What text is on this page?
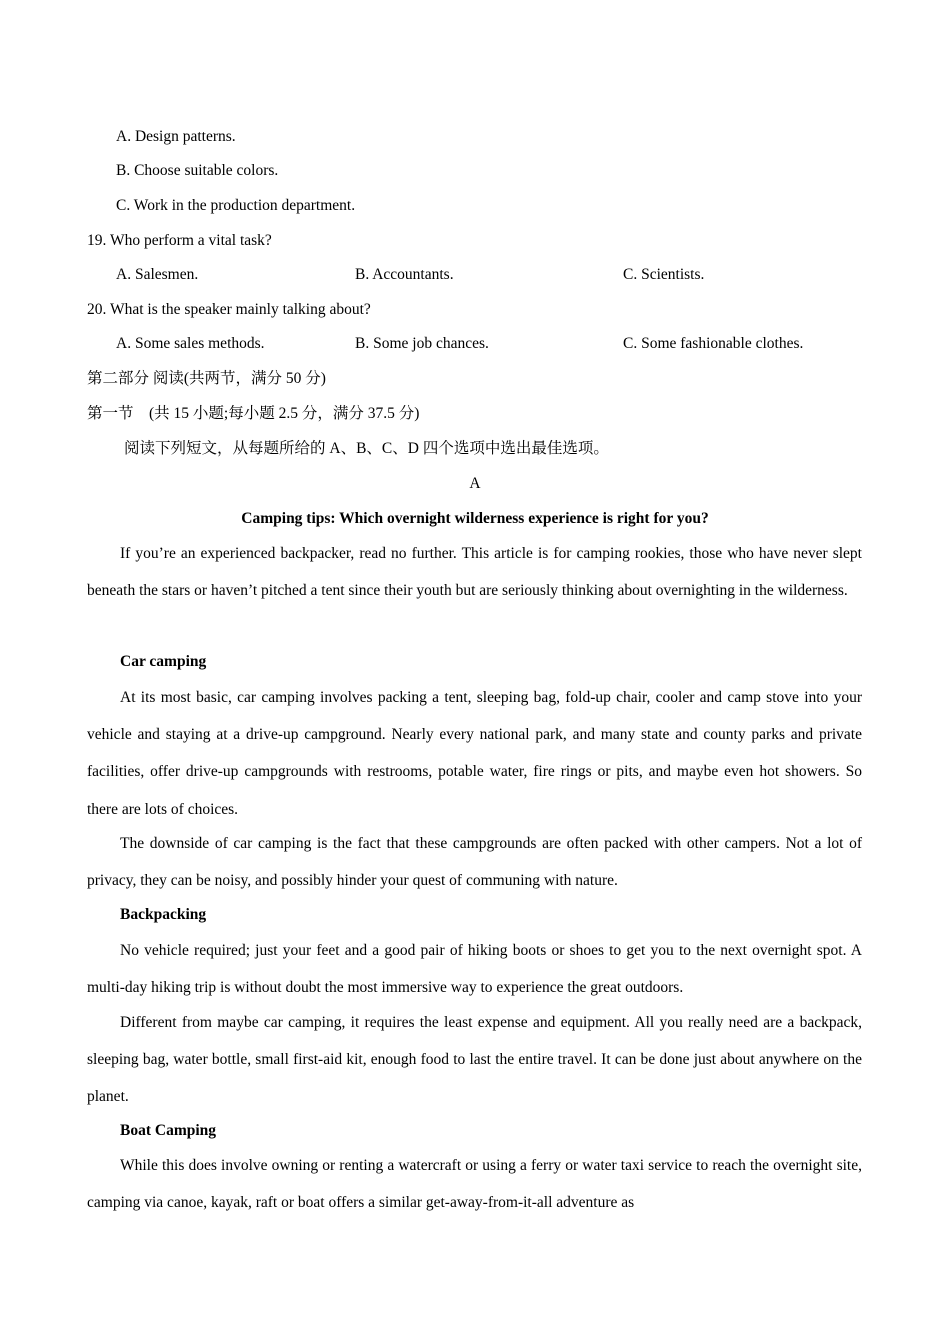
A. Design patterns.
B. Choose suitable colors.
C. Work in the production department.
19. Who perform a vital task?
A. Salesmen.	B. Accountants.	C. Scientists.
20. What is the speaker mainly talking about?
A. Some sales methods.	B. Some job chances.	C. Some fashionable clothes.
第二部分 阅读(共两节，满分 50 分)
第一节    (共 15 小题;每小题 2.5 分，满分 37.5 分)
阅读下列短文，从每题所给的 A、B、C、D 四个选项中选出最佳选项。
A
Camping tips: Which overnight wilderness experience is right for you?

If you’re an experienced backpacker, read no further. This article is for camping rookies, those who have never slept beneath the stars or haven’t pitched a tent since their youth but are seriously thinking about overnighting in the wilderness.

Car camping

At its most basic, car camping involves packing a tent, sleeping bag, fold-up chair, cooler and camp stove into your vehicle and staying at a drive-up campground. Nearly every national park, and many state and county parks and private facilities, offer drive-up campgrounds with restrooms, potable water, fire rings or pits, and maybe even hot showers. So there are lots of choices.

The downside of car camping is the fact that these campgrounds are often packed with other campers. Not a lot of privacy, they can be noisy, and possibly hinder your quest of communing with nature.

Backpacking

No vehicle required; just your feet and a good pair of hiking boots or shoes to get you to the next overnight spot. A multi-day hiking trip is without doubt the most immersive way to experience the great outdoors.

Different from maybe car camping, it requires the least expense and equipment. All you really need are a backpack, sleeping bag, water bottle, small first-aid kit, enough food to last the entire travel. It can be done just about anywhere on the planet.

Boat Camping

While this does involve owning or renting a watercraft or using a ferry or water taxi service to reach the overnight site, camping via canoe, kayak, raft or boat offers a similar get-away-from-it-all adventure as
